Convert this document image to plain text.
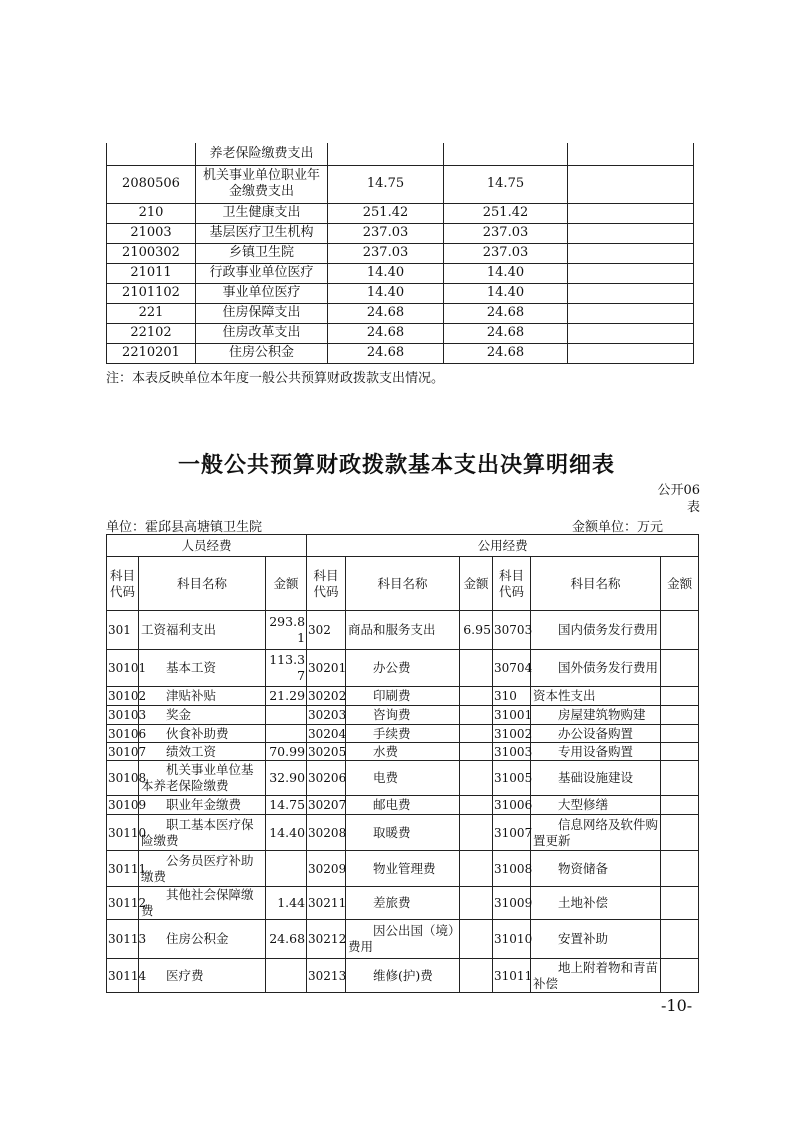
	养老保险缴费支出			
2080506	机关事业单位职业年金缴费支出	14.75	14.75	
210	卫生健康支出	251.42	251.42	
21003	基层医疗卫生机构	237.03	237.03	
2100302	乡镇卫生院	237.03	237.03	
21011	行政事业单位医疗	14.40	14.40	
2101102	事业单位医疗	14.40	14.40	
221	住房保障支出	24.68	24.68	
22102	住房改革支出	24.68	24.68	
2210201	住房公积金	24.68	24.68	
注：本表反映单位本年度一般公共预算财政拨款支出情况。
一般公共预算财政拨款基本支出决算明细表
公开06表
单位：霍邱县高塘镇卫生院	金额单位：万元
人员经费			公用经费					
科目代码	科目名称	金额	科目代码	科目名称	金额	科目代码	科目名称	金额
301	工资福利支出	293.81	302	商品和服务支出	6.95	30703	国内债务发行费用	
30101	基本工资	113.37	30201	办公费		30704	国外债务发行费用	
30102	津贴补贴	21.29	30202	印刷费		310	资本性支出	
30103	奖金		30203	咨询费		31001	房屋建筑物购建	
30106	伙食补助费		30204	手续费		31002	办公设备购置	
30107	绩效工资	70.99	30205	水费		31003	专用设备购置	
30108	机关事业单位基本养老保险缴费	32.90	30206	电费		31005	基础设施建设	
30109	职业年金缴费	14.75	30207	邮电费		31006	大型修缮	
30110	职工基本医疗保险缴费	14.40	30208	取暖费		31007	信息网络及软件购置更新	
30111	公务员医疗补助缴费		30209	物业管理费		31008	物资储备	
30112	其他社会保障缴费	1.44	30211	差旅费		31009	土地补偿	
30113	住房公积金	24.68	30212	因公出国（境）费用		31010	安置补助	
30114	医疗费		30213	维修(护)费		31011	地上附着物和青苗补偿	
-10-
